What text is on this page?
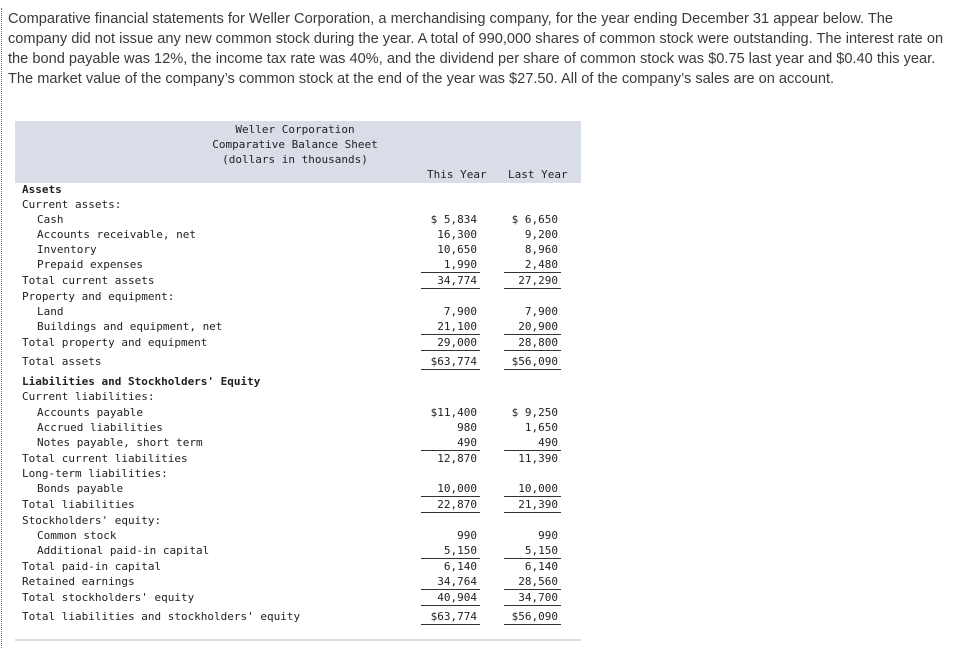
Comparative financial statements for Weller Corporation, a merchandising company, for the year ending December 31 appear below. The company did not issue any new common stock during the year. A total of 990,000 shares of common stock were outstanding. The interest rate on the bond payable was 12%, the income tax rate was 40%, and the dividend per share of common stock was $0.75 last year and $0.40 this year. The market value of the company’s common stock at the end of the year was $27.50. All of the company’s sales are on account.

Weller Corporation
Comparative Balance Sheet
(dollars in thousands)
This Year Last Year
Assets
Current assets:
Cash	$ 5,834	$ 6,650
Accounts receivable, net	16,300	9,200
Inventory	10,650	8,960
Prepaid expenses	1,990	2,480
Total current assets	34,774	27,290
Property and equipment:
Land	7,900	7,900
Buildings and equipment, net	21,100	20,900
Total property and equipment	29,000	28,800
Total assets	$63,774	$56,090
Liabilities and Stockholders' Equity
Current liabilities:
Accounts payable	$11,400	$ 9,250
Accrued liabilities	980	1,650
Notes payable, short term	490	490
Total current liabilities	12,870	11,390
Long-term liabilities:
Bonds payable	10,000	10,000
Total liabilities	22,870	21,390
Stockholders' equity:
Common stock	990	990
Additional paid-in capital	5,150	5,150
Total paid-in capital	6,140	6,140
Retained earnings	34,764	28,560
Total stockholders' equity	40,904	34,700
Total liabilities and stockholders' equity	$63,774	$56,090
